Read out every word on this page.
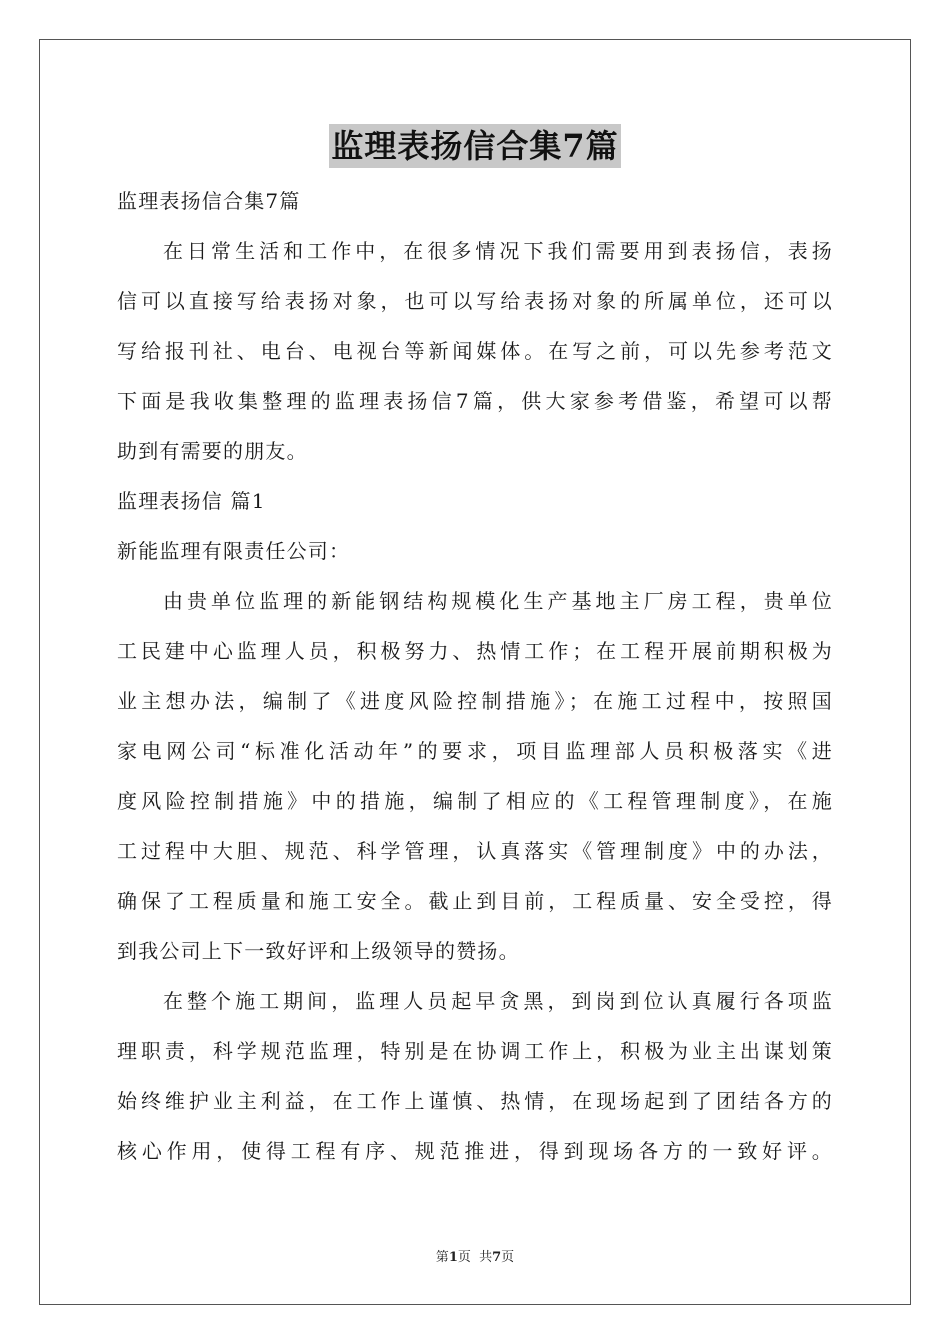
监理表扬信合集7篇

监理表扬信合集7篇

在日常生活和工作中，在很多情况下我们需要用到表扬信，表扬

信可以直接写给表扬对象，也可以写给表扬对象的所属单位，还可以

写给报刊社、电台、电视台等新闻媒体。在写之前，可以先参考范文

下面是我收集整理的监理表扬信7篇，供大家参考借鉴，希望可以帮

助到有需要的朋友。

监理表扬信 篇1

新能监理有限责任公司：

由贵单位监理的新能钢结构规模化生产基地主厂房工程，贵单位

工民建中心监理人员，积极努力、热情工作；在工程开展前期积极为

业主想办法，编制了《进度风险控制措施》；在施工过程中，按照国

家电网公司“标准化活动年”的要求，项目监理部人员积极落实《进

度风险控制措施》中的措施，编制了相应的《工程管理制度》，在施

工过程中大胆、规范、科学管理，认真落实《管理制度》中的办法，

确保了工程质量和施工安全。截止到目前，工程质量、安全受控，得

到我公司上下一致好评和上级领导的赞扬。

在整个施工期间，监理人员起早贪黑，到岗到位认真履行各项监

理职责，科学规范监理，特别是在协调工作上，积极为业主出谋划策

始终维护业主利益，在工作上谨慎、热情，在现场起到了团结各方的

核心作用，使得工程有序、规范推进，得到现场各方的一致好评。

第1页  共7页
